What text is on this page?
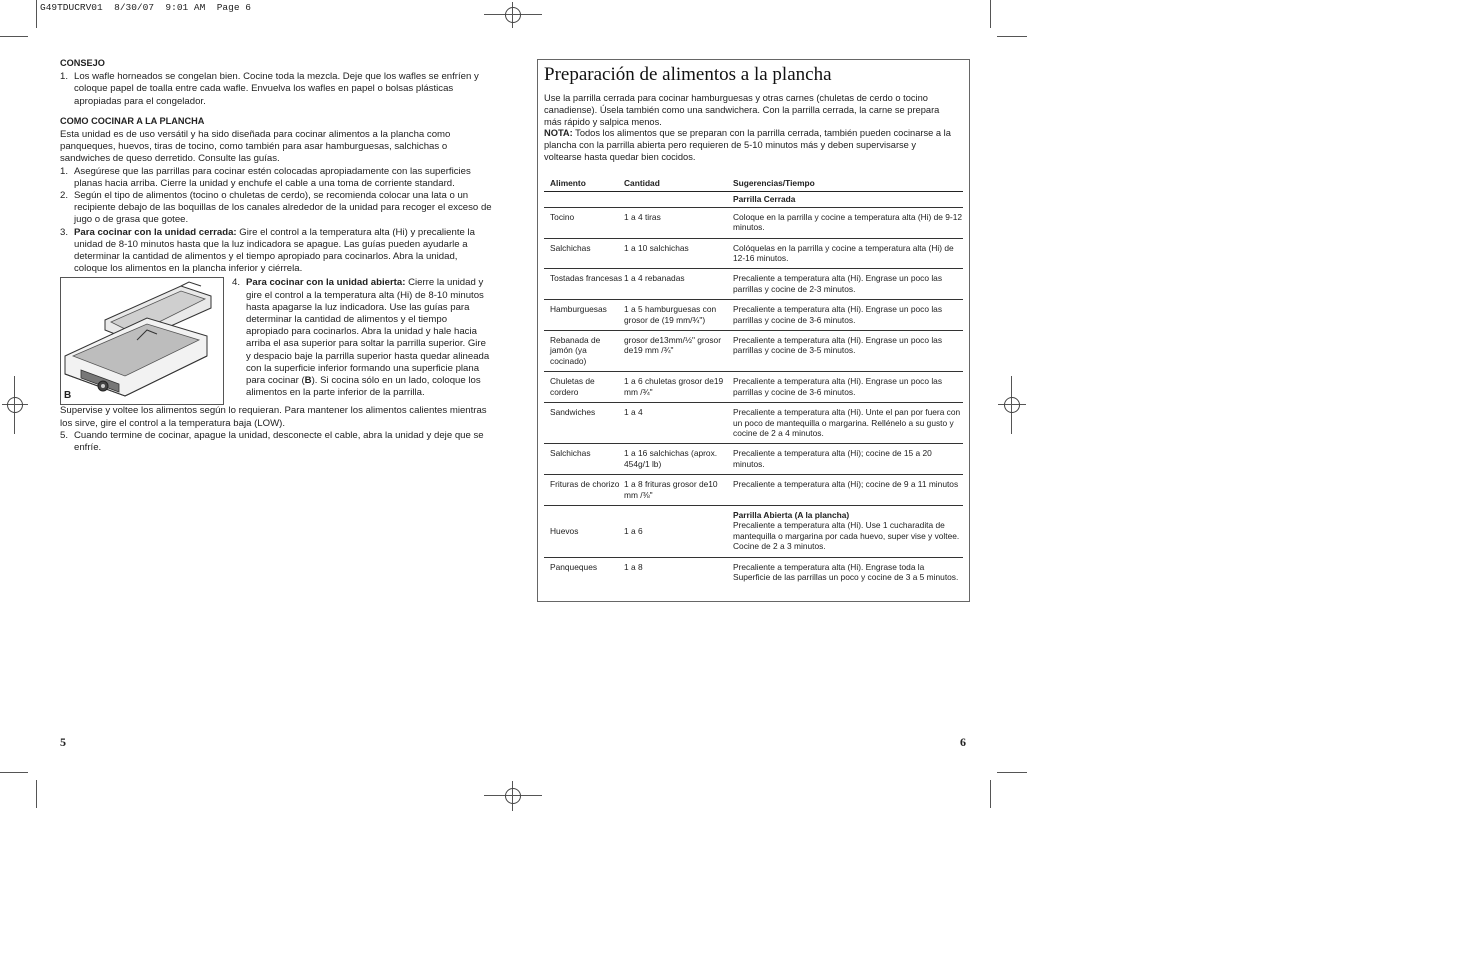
G49TDUCRV01  8/30/07  9:01 AM  Page 6
CONSEJO
1. Los wafle horneados se congelan bien. Cocine toda la mezcla. Deje que los wafles se enfríen y coloque papel de toalla entre cada wafle. Envuelva los wafles en papel o bolsas plásticas apropiadas para el congelador.
COMO COCINAR A LA PLANCHA

Esta unidad es de uso versátil y ha sido diseñada para cocinar alimentos a la plancha como panqueques, huevos, tiras de tocino, como también para asar hamburguesas, salchichas o sandwiches de queso derretido. Consulte las guías.

1. Asegúrese que las parrillas para cocinar estén colocadas apropiadamente con las superficies planas hacia arriba. Cierre la unidad y enchufe el cable a una toma de corriente standard.
2. Según el tipo de alimentos (tocino o chuletas de cerdo), se recomienda colocar una lata o un recipiente debajo de las boquillas de los canales alrededor de la unidad para recoger el exceso de jugo o de grasa que gotee.
3. Para cocinar con la unidad cerrada: Gire el control a la temperatura alta (Hi) y precaliente la unidad de 8-10 minutos hasta que la luz indicadora se apague. Las guías pueden ayudarle a determinar la cantidad de alimentos y el tiempo apropiado para cocinarlos. Abra la unidad, coloque los alimentos en la plancha inferior y ciérrela.
B
4. Para cocinar con la unidad abierta: Cierre la unidad y gire el control a la temperatura alta (Hi) de 8-10 minutos hasta apagarse la luz indicadora. Use las guías para determinar la cantidad de alimentos y el tiempo apropiado para cocinarlos. Abra la unidad y hale hacia arriba el asa superior para soltar la parrilla superior. Gire y despacio baje la parrilla superior hasta quedar alineada con la superficie inferior formando una superficie plana para cocinar (B). Si cocina sólo en un lado, coloque los alimentos en la parte inferior de la parrilla.

Supervise y voltee los alimentos según lo requieran. Para mantener los alimentos calientes mientras los sirve, gire el control a la temperatura baja (LOW).

5. Cuando termine de cocinar, apague la unidad, desconecte el cable, abra la unidad y deje que se enfríe.
5
Preparación de alimentos a la plancha

Use la parrilla cerrada para cocinar hamburguesas y otras carnes (chuletas de cerdo o tocino canadiense). Úsela también como una sandwichera. Con la parrilla cerrada, la carne se prepara más rápido y salpica menos.

NOTA: Todos los alimentos que se preparan con la parrilla cerrada, también pueden cocinarse a la plancha con la parrilla abierta pero requieren de 5-10 minutos más y deben supervisarse y voltearse hasta quedar bien cocidos.

Alimento	Cantidad	Sugerencias/Tiempo
		Parrilla Cerrada
Tocino	1 a 4 tiras	Coloque en la parrilla y cocine a temperatura alta (Hi) de 9-12 minutos.
Salchichas	1 a 10 salchichas	Colóquelas en la parrilla y cocine a temperatura alta (Hi) de 12-16 minutos.
Tostadas francesas	1 a 4 rebanadas	Precaliente a temperatura alta (Hi). Engrase un poco las parrillas y cocine de 2-3 minutos.
Hamburguesas	1 a 5 hamburguesas con grosor de (19 mm/¾")	Precaliente a temperatura alta (Hi). Engrase un poco las parrillas y cocine de 3-6 minutos.
Rebanada de jamón (ya cocinado)	grosor de13mm/½" grosor de19 mm /¾"	Precaliente a temperatura alta (Hi). Engrase un poco las parrillas y cocine de 3-5 minutos.
Chuletas de cordero	1 a 6 chuletas grosor de19 mm /¾"	Precaliente a temperatura alta (Hi). Engrase un poco las parrillas y cocine de 3-6 minutos.
Sandwiches	1 a 4	Precaliente a temperatura alta (Hi). Unte el pan por fuera con un poco de mantequilla o margarina. Rellénelo a su gusto y cocine de 2 a 4 minutos.
Salchichas	1 a 16 salchichas (aprox. 454g/1 lb)	Precaliente a temperatura alta (Hi); cocine de 15 a 20 minutos.
Frituras de chorizo	1 a 8 frituras grosor de10 mm /⅜"	Precaliente a temperatura alta (Hi); cocine de 9 a 11 minutos
Huevos	1 a 6	Parrilla Abierta (A la plancha)
Precaliente a temperatura alta (Hi). Use 1 cucharadita de mantequilla o margarina por cada huevo, super vise y voltee. Cocine de 2 a 3 minutos.

Panqueques	1 a 8	Precaliente a temperatura alta (Hi). Engrase toda la Superficie de las parrillas un poco y cocine de 3 a 5 minutos.
6
